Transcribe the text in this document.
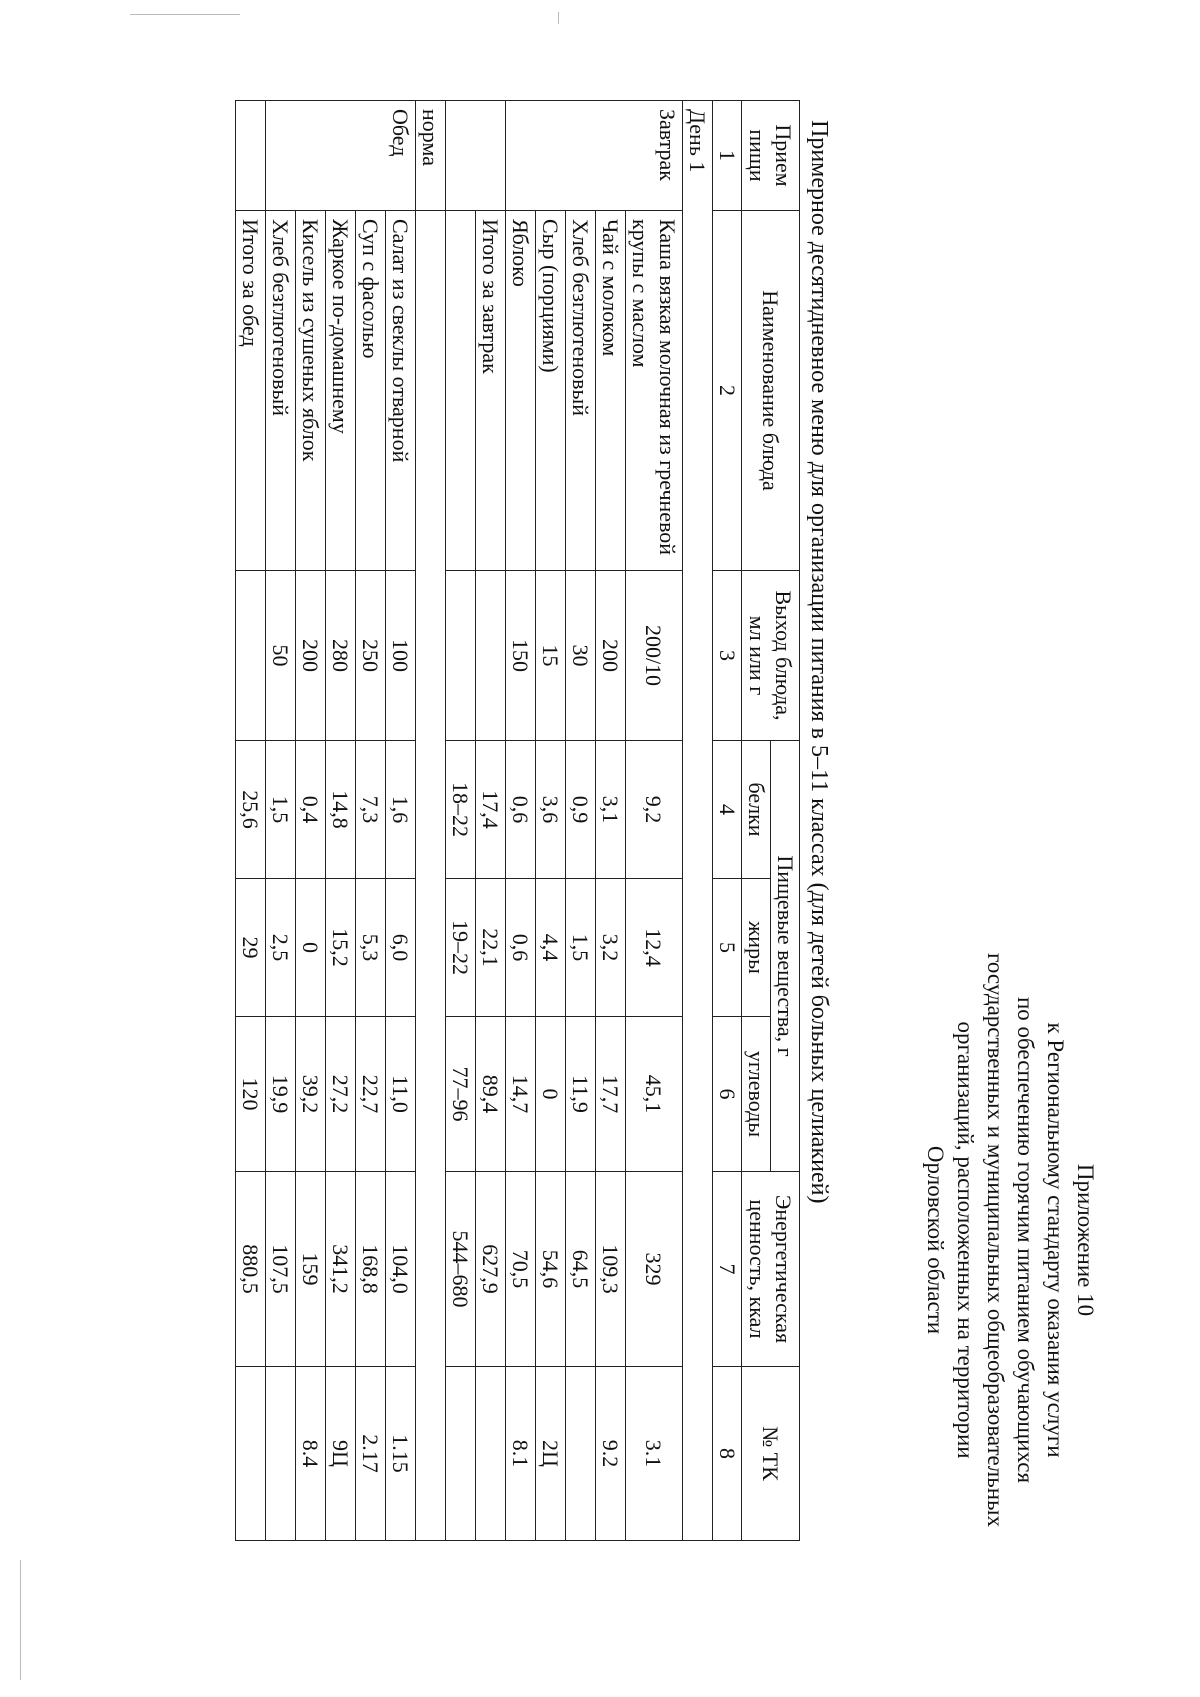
Приложение 10
к Региональному стандарту оказания услуги
по обеспечению горячим питанием обучающихся
государственных и муниципальных общеобразовательных
организаций, расположенных на территории
Орловской области
Примерное десятидневное меню для организации питания в 5–11 классах (для детей больных целиакией)
Прием пищи	Наименование блюда	Выход блюда, мл или г	Пищевые вещества, г			Энергетическая ценность, ккал	№ ТК
			белки	жиры	углеводы		
1	2	3	4	5	6	7	8
День 1							
Завтрак	Каша вязкая молочная из гречневой крупы с маслом	200/10	9,2	12,4	45,1	329	3.1
	Чай с молоком	200	3,1	3,2	17,7	109,3	9.2
	Хлеб безглютеновый	30	0,9	1,5	11,9	64,5	
	Сыр (порциями)	15	3,6	4,4	0	54,6	2Ц
	Яблоко	150	0,6	0,6	14,7	70,5	8.1
	Итого за завтрак		17,4	22,1	89,4	627,9	
			18–22	19–22	77–96	544–680	
норма							
Обед	Салат из свеклы отварной	100	1,6	6,0	11,0	104,0	1.15
	Суп с фасолью	250	7,3	5,3	22,7	168,8	2.17
	Жаркое по-домашнему	280	14,8	15,2	27,2	341,2	9Ц
	Кисель из сушеных яблок	200	0,4	0	39,2	159	8.4
	Хлеб безглютеновый	50	1,5	2,5	19,9	107,5	
	Итого за обед		25,6	29	120	880,5	
